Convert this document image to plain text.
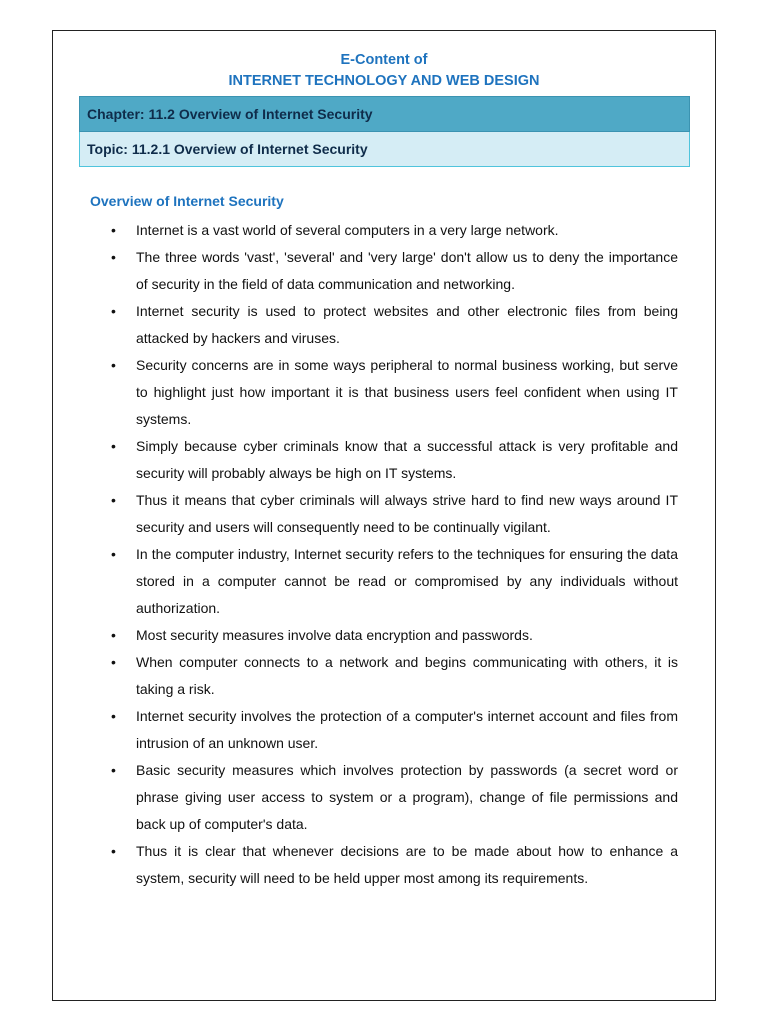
E-Content of
INTERNET TECHNOLOGY AND WEB DESIGN
Chapter: 11.2 Overview of Internet Security
Topic: 11.2.1 Overview of Internet Security
Overview of Internet Security
• Internet is a vast world of several computers in a very large network.
• The three words 'vast', 'several' and 'very large' don't allow us to deny the importance of security in the field of data communication and networking.
• Internet security is used to protect websites and other electronic files from being attacked by hackers and viruses.
• Security concerns are in some ways peripheral to normal business working, but serve to highlight just how important it is that business users feel confident when using IT systems.
• Simply because cyber criminals know that a successful attack is very profitable and security will probably always be high on IT systems.
• Thus it means that cyber criminals will always strive hard to find new ways around IT security and users will consequently need to be continually vigilant.
• In the computer industry, Internet security refers to the techniques for ensuring the data stored in a computer cannot be read or compromised by any individuals without authorization.
• Most security measures involve data encryption and passwords.
• When computer connects to a network and begins communicating with others, it is taking a risk.
• Internet security involves the protection of a computer's internet account and files from intrusion of an unknown user.
• Basic security measures which involves protection by passwords (a secret word or phrase giving user access to system or a program), change of file permissions and back up of computer's data.
• Thus it is clear that whenever decisions are to be made about how to enhance a system, security will need to be held upper most among its requirements.
